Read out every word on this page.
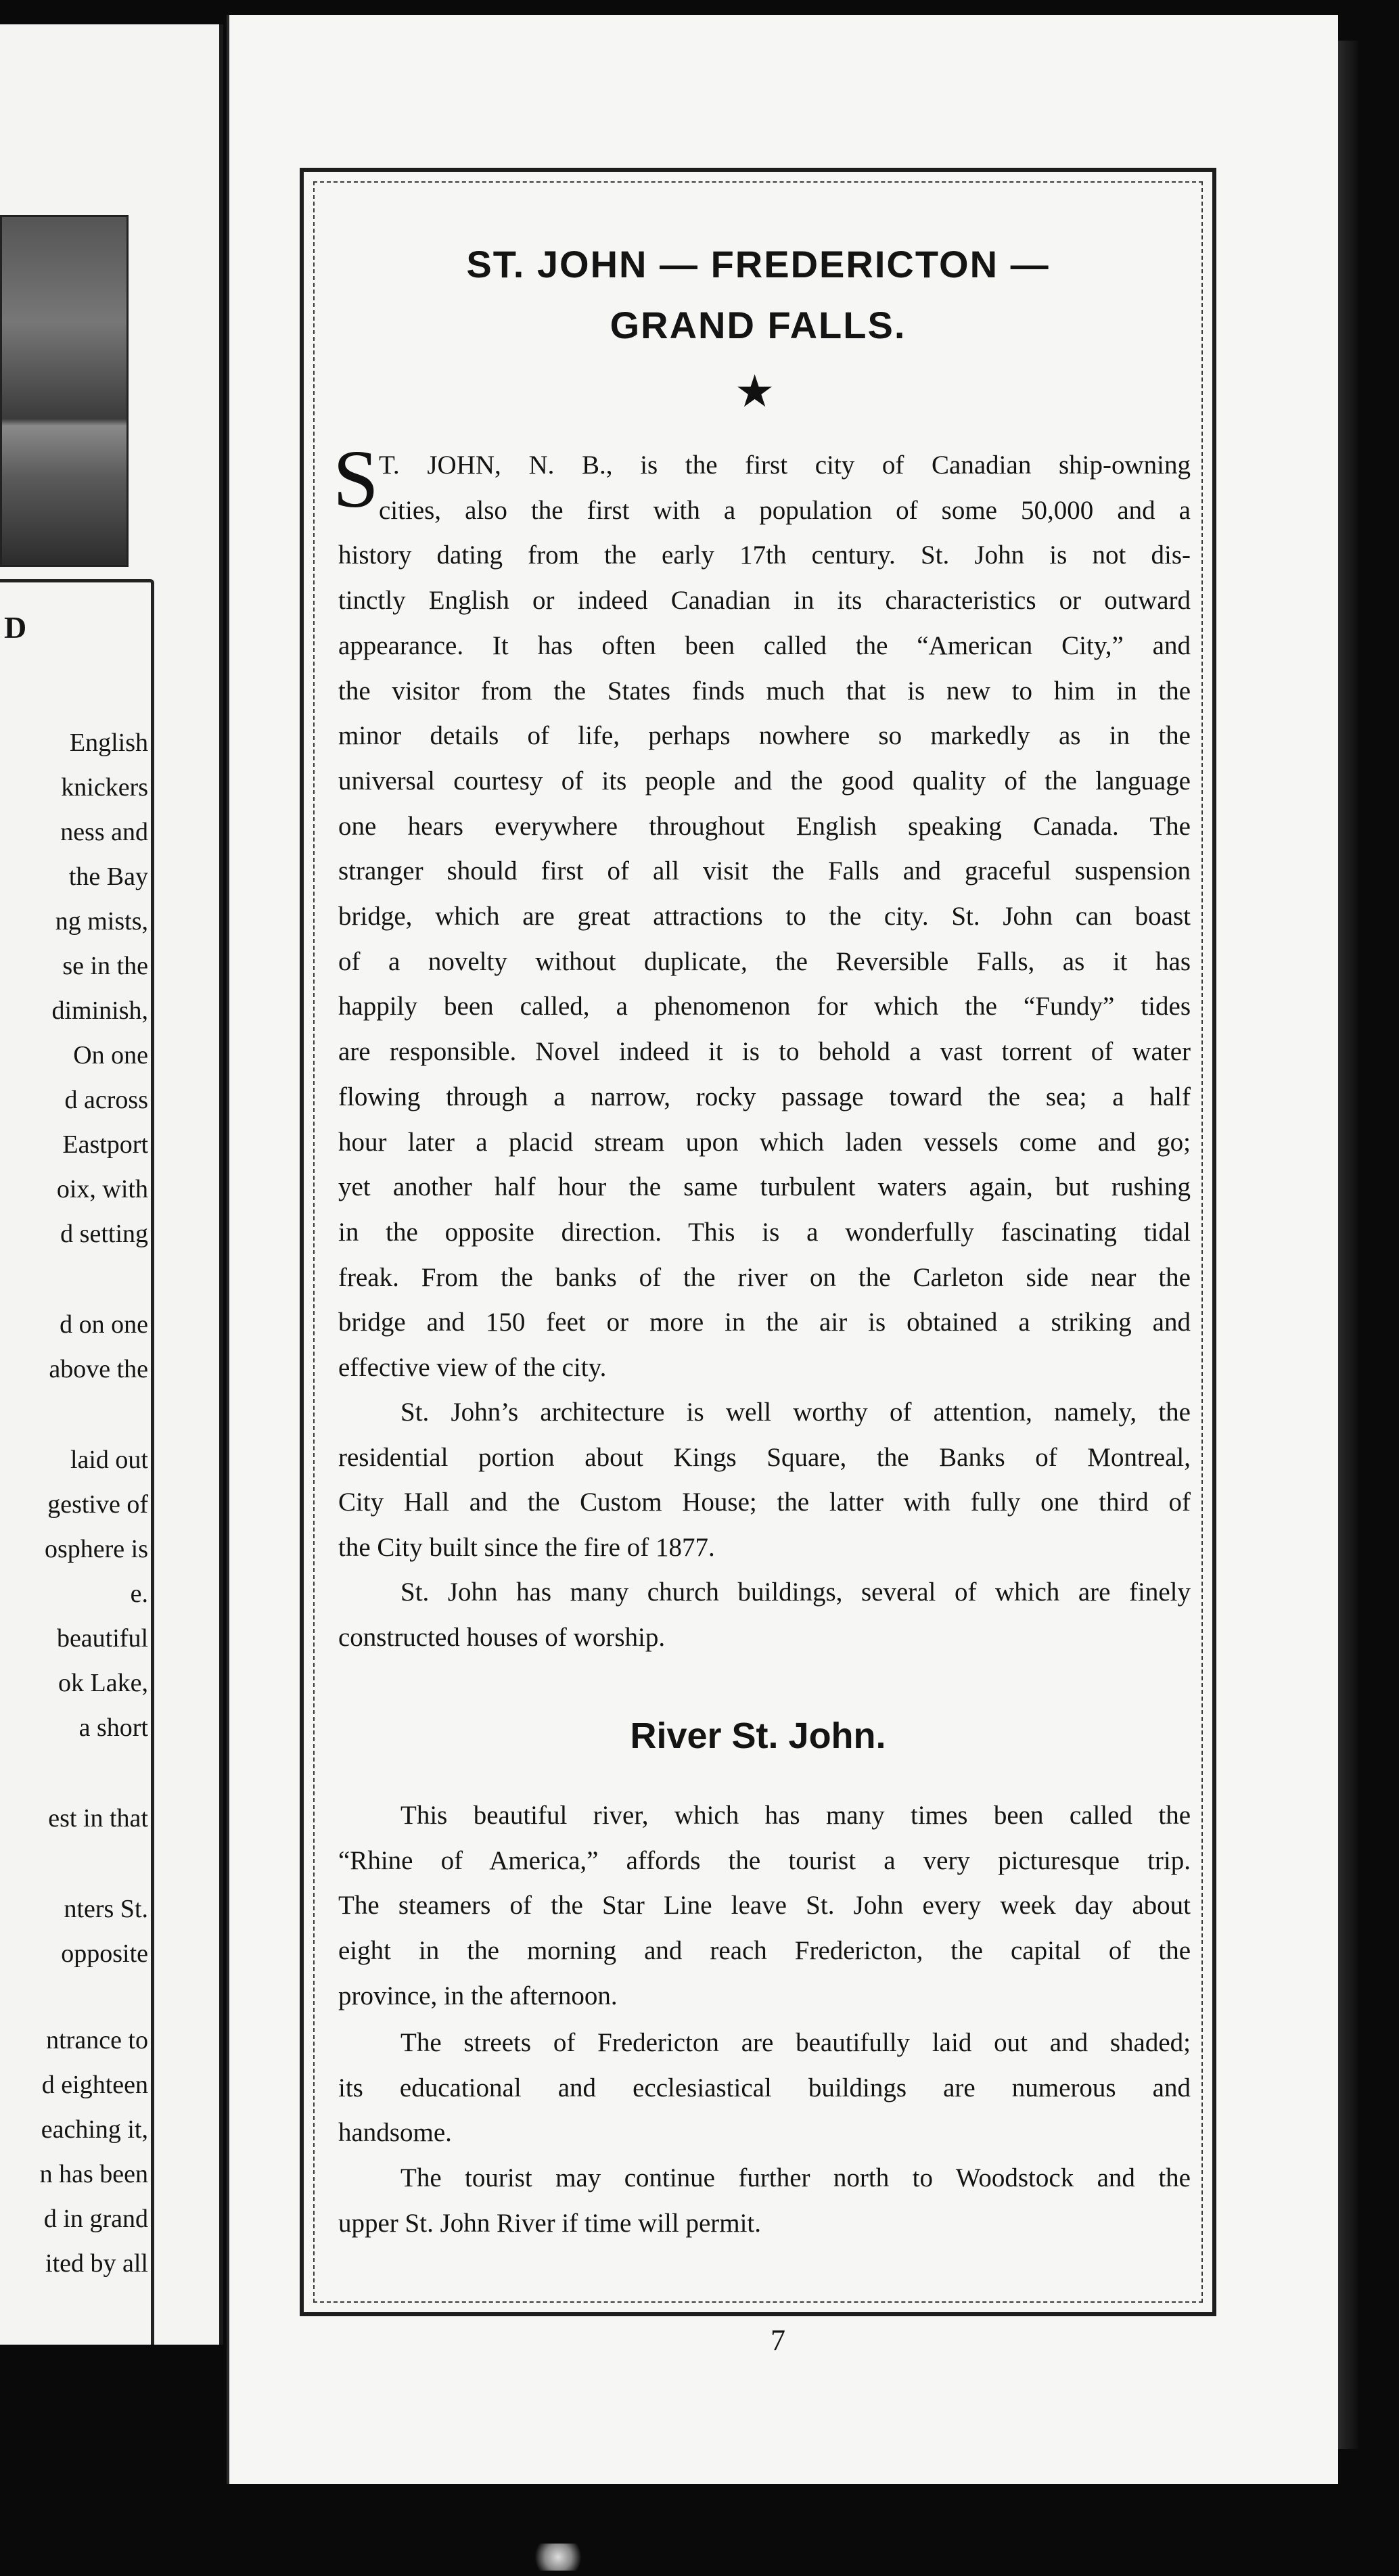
D
English
knickers
ness and
the Bay
ng mists,
se in the
diminish,
On one
d across
Eastport
oix, with
d setting
d on one
above the
laid out
gestive of
osphere is
e.
beautiful
ok Lake,
a short
est in that
nters St.
opposite
ntrance to
d eighteen
eaching it,
n has been
d in grand
ited by all
ST. JOHN — FREDERICTON —
GRAND FALLS.
★
S T. JOHN, N. B., is the first city of Canadian ship-owning
cities, also the first with a population of some 50,000 and a
history dating from the early 17th century. St. John is not dis-
tinctly English or indeed Canadian in its characteristics or outward
appearance. It has often been called the “American City,” and
the visitor from the States finds much that is new to him in the
minor details of life, perhaps nowhere so markedly as in the
universal courtesy of its people and the good quality of the language
one hears everywhere throughout English speaking Canada. The
stranger should first of all visit the Falls and graceful suspension
bridge, which are great attractions to the city. St. John can boast
of a novelty without duplicate, the Reversible Falls, as it has
happily been called, a phenomenon for which the “Fundy” tides
are responsible. Novel indeed it is to behold a vast torrent of water
flowing through a narrow, rocky passage toward the sea; a half
hour later a placid stream upon which laden vessels come and go;
yet another half hour the same turbulent waters again, but rushing
in the opposite direction. This is a wonderfully fascinating tidal
freak. From the banks of the river on the Carleton side near the
bridge and 150 feet or more in the air is obtained a striking and
effective view of the city.
St. John’s architecture is well worthy of attention, namely, the
residential portion about Kings Square, the Banks of Montreal,
City Hall and the Custom House; the latter with fully one third of
the City built since the fire of 1877.
St. John has many church buildings, several of which are finely
constructed houses of worship.
This beautiful river, which has many times been called the
“Rhine of America,” affords the tourist a very picturesque trip.
The steamers of the Star Line leave St. John every week day about
eight in the morning and reach Fredericton, the capital of the
province, in the afternoon.
The streets of Fredericton are beautifully laid out and shaded;
its educational and ecclesiastical buildings are numerous and
handsome.
The tourist may continue further north to Woodstock and the
upper St. John River if time will permit.
River St. John.
7
